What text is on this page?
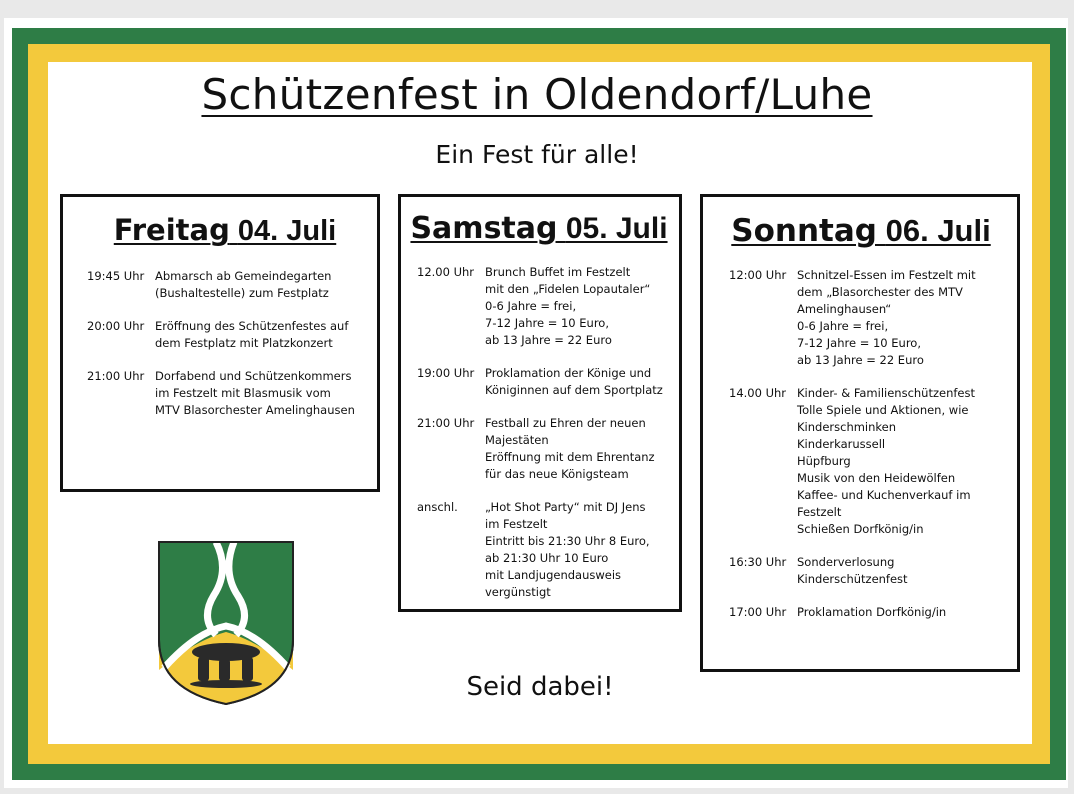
Schützenfest in Oldendorf/Luhe
Ein Fest für alle!
Freitag 04. Juli
19:45 Uhr Abmarsch ab Gemeindegarten
(Bushaltestelle) zum Festplatz
20:00 Uhr Eröffnung des Schützenfestes auf
dem Festplatz mit Platzkonzert
21:00 Uhr Dorfabend und Schützenkommers
im Festzelt mit Blasmusik vom
MTV Blasorchester Amelinghausen
Samstag 05. Juli
12.00 Uhr Brunch Buffet im Festzelt
mit den „Fidelen Lopautaler“
0-6 Jahre = frei,
7-12 Jahre = 10 Euro,
ab 13 Jahre = 22 Euro
19:00 Uhr Proklamation der Könige und
Königinnen auf dem Sportplatz
21:00 Uhr Festball zu Ehren der neuen
Majestäten
Eröffnung mit dem Ehrentanz
für das neue Königsteam
anschl.	„Hot Shot Party“ mit DJ Jens
im Festzelt
Eintritt bis 21:30 Uhr 8 Euro,
ab 21:30 Uhr 10 Euro
mit Landjugendausweis
vergünstigt
Sonntag 06. Juli
12:00 Uhr Schnitzel-Essen im Festzelt mit
dem „Blasorchester des MTV
Amelinghausen“
0-6 Jahre = frei,
7-12 Jahre = 10 Euro,
ab 13 Jahre = 22 Euro
14.00 Uhr Kinder- & Familienschützenfest
Tolle Spiele und Aktionen, wie
Kinderschminken
Kinderkarussell
Hüpfburg
Musik von den Heidewölfen
Kaffee- und Kuchenverkauf im
Festzelt
Schießen Dorfkönig/in
16:30 Uhr Sonderverlosung
Kinderschützenfest
17:00 Uhr Proklamation Dorfkönig/in
Seid dabei!
